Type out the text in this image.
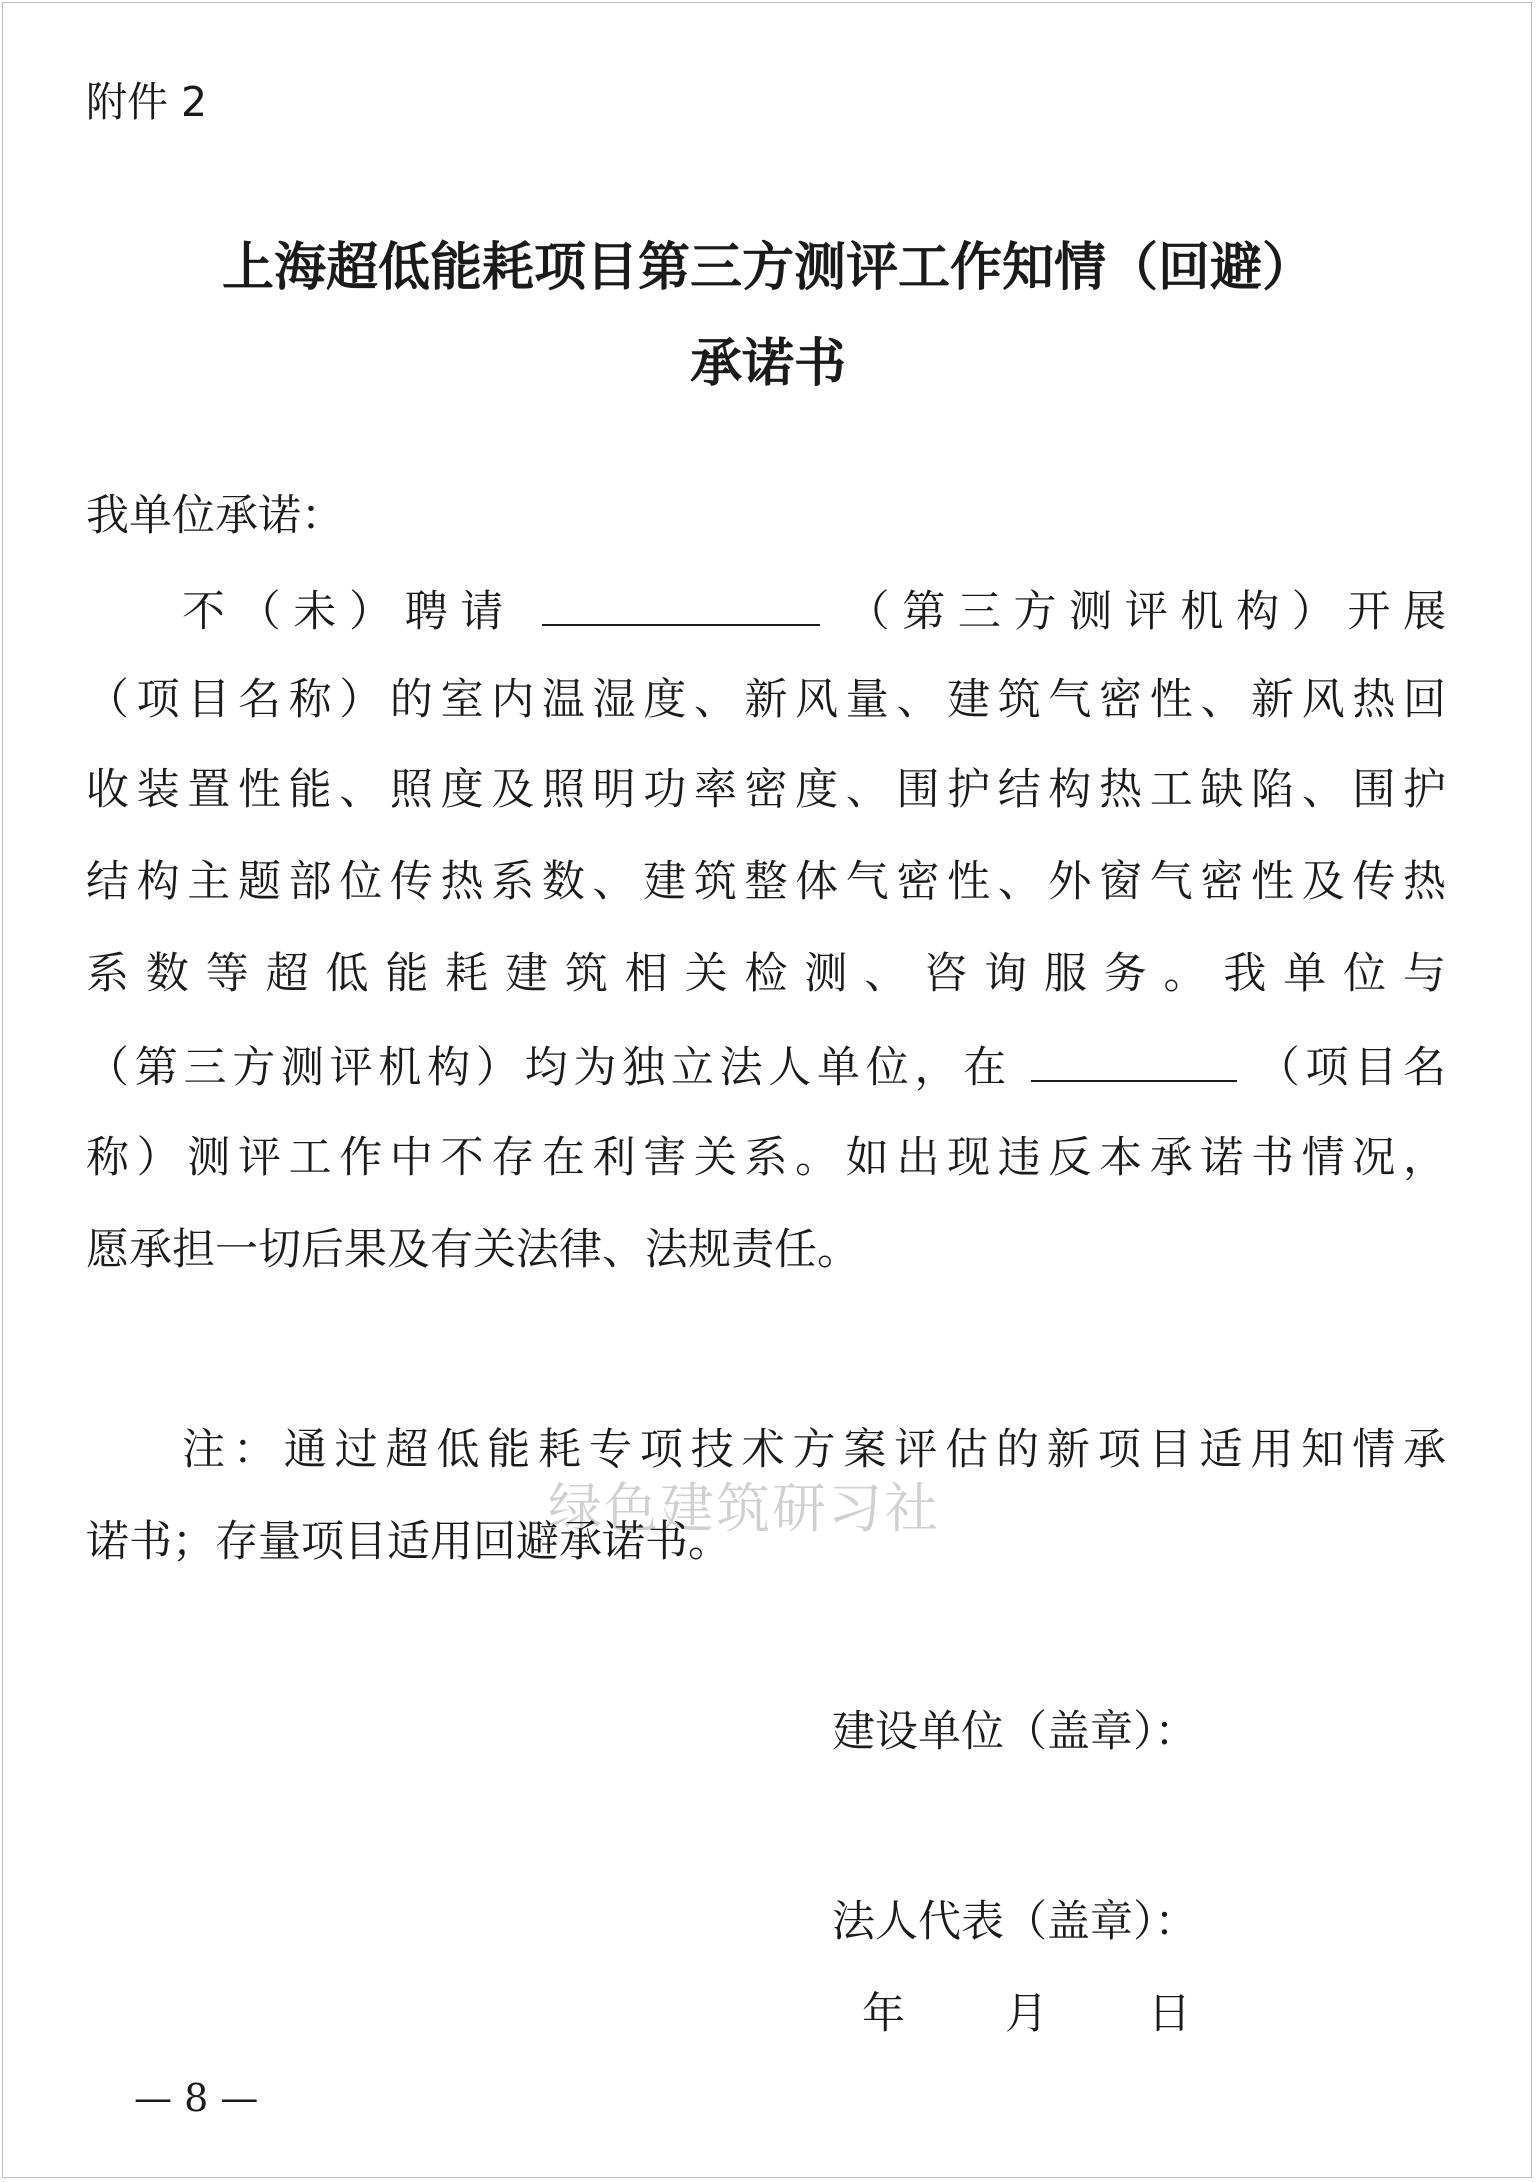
附件 2
上海超低能耗项目第三方测评工作知情（回避）
承诺书
我单位承诺：
不（未）聘请	（第三方测评机构）开展
（项目名称）的室内温湿度、新风量、建筑气密性、新风热回
收装置性能、照度及照明功率密度、围护结构热工缺陷、围护
结构主题部位传热系数、建筑整体气密性、外窗气密性及传热
系数等超低能耗建筑相关检测、咨询服务。我单位与
（第三方测评机构）均为独立法人单位，在	（项目名
称）测评工作中不存在利害关系。如出现违反本承诺书情况，
愿承担一切后果及有关法律、法规责任。
注：通过超低能耗专项技术方案评估的新项目适用知情承
绿色建筑研习社
诺书；存量项目适用回避承诺书。
建设单位（盖章）：
法人代表（盖章）：
年 月 日
— 8 —
